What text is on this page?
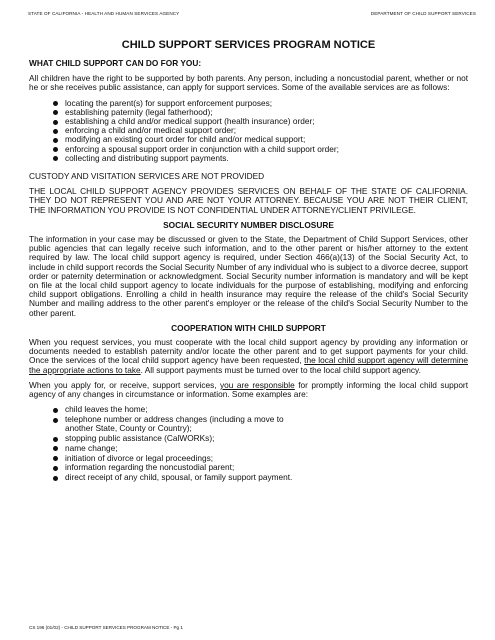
STATE OF CALIFORNIA - HEALTH AND HUMAN SERVICES AGENCY	DEPARTMENT OF CHILD SUPPORT SERVICES
CHILD SUPPORT SERVICES PROGRAM NOTICE
WHAT CHILD SUPPORT CAN DO FOR YOU:

All children have the right to be supported by both parents. Any person, including a noncustodial parent, whether or not he or she receives public assistance, can apply for support services. Some of the available services are as follows:

locating the parent(s) for support enforcement purposes;
establishing paternity (legal fatherhood);
establishing a child and/or medical support (health insurance) order;
enforcing a child and/or medical support order;
modifying an existing court order for child and/or medical support;
enforcing a spousal support order in conjunction with a child support order;
collecting and distributing support payments.

CUSTODY AND VISITATION SERVICES ARE NOT PROVIDED

THE LOCAL CHILD SUPPORT AGENCY PROVIDES SERVICES ON BEHALF OF THE STATE OF CALIFORNIA. THEY DO NOT REPRESENT YOU AND ARE NOT YOUR ATTORNEY. BECAUSE YOU ARE NOT THEIR CLIENT, THE INFORMATION YOU PROVIDE IS NOT CONFIDENTIAL UNDER ATTORNEY/CLIENT PRIVILEGE.

SOCIAL SECURITY NUMBER DISCLOSURE

The information in your case may be discussed or given to the State, the Department of Child Support Services, other public agencies that can legally receive such information, and to the other parent or his/her attorney to the extent required by law. The local child support agency is required, under Section 466(a)(13) of the Social Security Act, to include in child support records the Social Security Number of any individual who is subject to a divorce decree, support order or paternity determination or acknowledgment. Social Security number information is mandatory and will be kept on file at the local child support agency to locate individuals for the purpose of establishing, modifying and enforcing child support obligations. Enrolling a child in health insurance may require the release of the child's Social Security Number and mailing address to the other parent's employer or the release of the child's Social Security Number to the other parent.

COOPERATION WITH CHILD SUPPORT

When you request services, you must cooperate with the local child support agency by providing any information or documents needed to establish paternity and/or locate the other parent and to get support payments for your child. Once the services of the local child support agency have been requested, the local child support agency will determine the appropriate actions to take. All support payments must be turned over to the local child support agency.

When you apply for, or receive, support services, you are responsible for promptly informing the local child support agency of any changes in circumstance or information. Some examples are:

child leaves the home;
telephone number or address changes (including a move to another State, County or Country);
stopping public assistance (CalWORKs);
name change;
initiation of divorce or legal proceedings;
information regarding the noncustodial parent;
direct receipt of any child, spousal, or family support payment.
CS 196 (01/02) - CHILD SUPPORT SERVICES PROGRAM NOTICE - Pg 1
